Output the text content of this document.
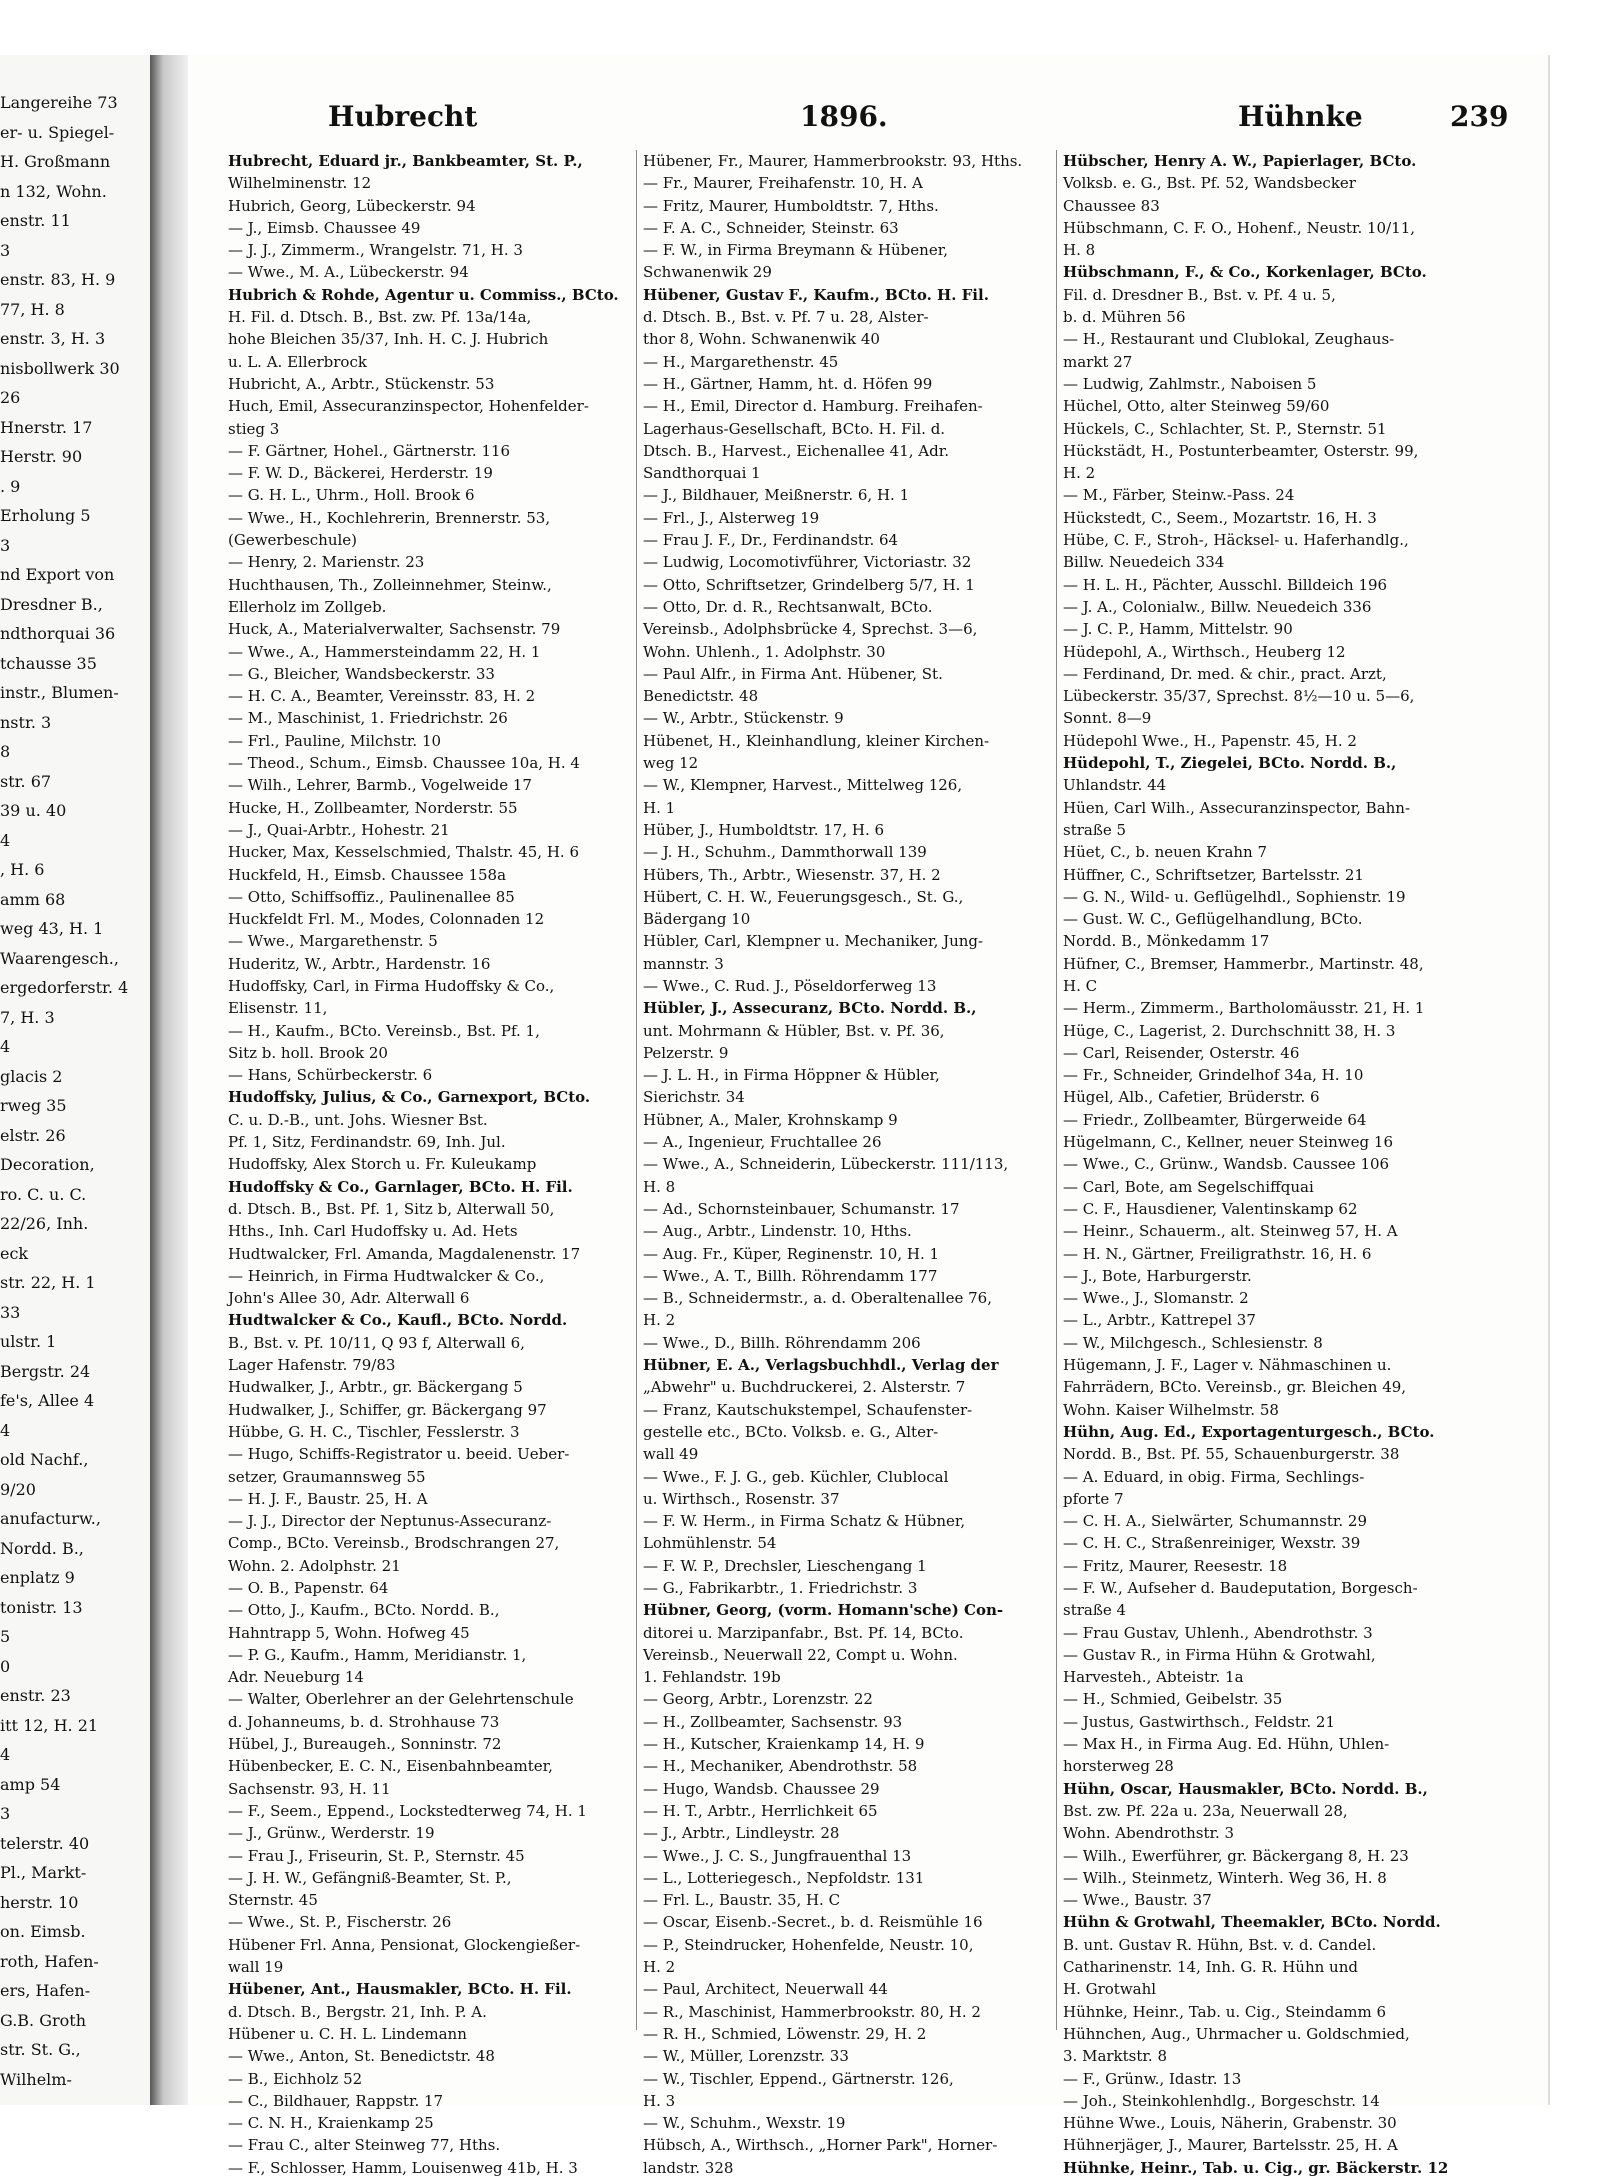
Langereihe 73
er- u. Spiegel-
H. Großmann
n 132, Wohn.
enstr. 11
3
enstr. 83, H. 9
77, H. 8
enstr. 3, H. 3
nisbollwerk 30
26
Hnerstr. 17
Herstr. 90
. 9
Erholung 5
3
nd Export von
Dresdner B.,
ndthorquai 36
tchausse 35
instr., Blumen-
nstr. 3
8
str. 67
39 u. 40
4
, H. 6
amm 68
weg 43, H. 1
Waarengesch.,
ergedorferstr. 4
7, H. 3
4
glacis 2
rweg 35
elstr. 26
Decoration,
ro. C. u. C.
22/26, Inh.
eck
str. 22, H. 1
33
ulstr. 1
Bergstr. 24
fe's, Allee 4
4
old Nachf.,
9/20
anufacturw.,
Nordd. B.,
enplatz 9
tonistr. 13
5
0
enstr. 23
itt 12, H. 21
4
amp 54
3
telerstr. 40
Pl., Markt-
herstr. 10
on. Eimsb.
roth, Hafen-
ers, Hafen-
G.B. Groth
str. St. G.,
Wilhelm-
Hubrecht	1896.	Hühnke	239
Hubrecht, Eduard jr., Bankbeamter, St. P.,
Wilhelminenstr. 12
Hubrich, Georg, Lübeckerstr. 94
— J., Eimsb. Chaussee 49
— J. J., Zimmerm., Wrangelstr. 71, H. 3
— Wwe., M. A., Lübeckerstr. 94
Hubrich & Rohde, Agentur u. Commiss., BCto.
H. Fil. d. Dtsch. B., Bst. zw. Pf. 13a/14a,
hohe Bleichen 35/37, Inh. H. C. J. Hubrich
u. L. A. Ellerbrock
Hubricht, A., Arbtr., Stückenstr. 53
Huch, Emil, Assecuranzinspector, Hohenfelder-
stieg 3
— F. Gärtner, Hohel., Gärtnerstr. 116
— F. W. D., Bäckerei, Herderstr. 19
— G. H. L., Uhrm., Holl. Brook 6
— Wwe., H., Kochlehrerin, Brennerstr. 53,
(Gewerbeschule)
— Henry, 2. Marienstr. 23
Huchthausen, Th., Zolleinnehmer, Steinw.,
Ellerholz im Zollgeb.
Huck, A., Materialverwalter, Sachsenstr. 79
— Wwe., A., Hammersteindamm 22, H. 1
— G., Bleicher, Wandsbeckerstr. 33
— H. C. A., Beamter, Vereinsstr. 83, H. 2
— M., Maschinist, 1. Friedrichstr. 26
— Frl., Pauline, Milchstr. 10
— Theod., Schum., Eimsb. Chaussee 10a, H. 4
— Wilh., Lehrer, Barmb., Vogelweide 17
Hucke, H., Zollbeamter, Norderstr. 55
— J., Quai-Arbtr., Hohestr. 21
Hucker, Max, Kesselschmied, Thalstr. 45, H. 6
Huckfeld, H., Eimsb. Chaussee 158a
— Otto, Schiffsoffiz., Paulinenallee 85
Huckfeldt Frl. M., Modes, Colonnaden 12
— Wwe., Margarethenstr. 5
Huderitz, W., Arbtr., Hardenstr. 16
Hudoffsky, Carl, in Firma Hudoffsky & Co.,
Elisenstr. 11,
— H., Kaufm., BCto. Vereinsb., Bst. Pf. 1,
Sitz b. holl. Brook 20
— Hans, Schürbeckerstr. 6
Hudoffsky, Julius, & Co., Garnexport, BCto.
C. u. D.-B., unt. Johs. Wiesner Bst.
Pf. 1, Sitz, Ferdinandstr. 69, Inh. Jul.
Hudoffsky, Alex Storch u. Fr. Kuleukamp
Hudoffsky & Co., Garnlager, BCto. H. Fil.
d. Dtsch. B., Bst. Pf. 1, Sitz b, Alterwall 50,
Hths., Inh. Carl Hudoffsky u. Ad. Hets
Hudtwalcker, Frl. Amanda, Magdalenenstr. 17
— Heinrich, in Firma Hudtwalcker & Co.,
John's Allee 30, Adr. Alterwall 6
Hudtwalcker & Co., Kaufl., BCto. Nordd.
B., Bst. v. Pf. 10/11, Q 93 f, Alterwall 6,
Lager Hafenstr. 79/83
Hudwalker, J., Arbtr., gr. Bäckergang 5
Hudwalker, J., Schiffer, gr. Bäckergang 97
Hübbe, G. H. C., Tischler, Fesslerstr. 3
— Hugo, Schiffs-Registrator u. beeid. Ueber-
setzer, Graumannsweg 55
— H. J. F., Baustr. 25, H. A
— J. J., Director der Neptunus-Assecuranz-
Comp., BCto. Vereinsb., Brodschrangen 27,
Wohn. 2. Adolphstr. 21
— O. B., Papenstr. 64
— Otto, J., Kaufm., BCto. Nordd. B.,
Hahntrapp 5, Wohn. Hofweg 45
— P. G., Kaufm., Hamm, Meridianstr. 1,
Adr. Neueburg 14
— Walter, Oberlehrer an der Gelehrtenschule
d. Johanneums, b. d. Strohhause 73
Hübel, J., Bureaugeh., Sonninstr. 72
Hübenbecker, E. C. N., Eisenbahnbeamter,
Sachsenstr. 93, H. 11
— F., Seem., Eppend., Lockstedterweg 74, H. 1
— J., Grünw., Werderstr. 19
— Frau J., Friseurin, St. P., Sternstr. 45
— J. H. W., Gefängniß-Beamter, St. P.,
Sternstr. 45
— Wwe., St. P., Fischerstr. 26
Hübener Frl. Anna, Pensionat, Glockengießer-
wall 19
Hübener, Ant., Hausmakler, BCto. H. Fil.
d. Dtsch. B., Bergstr. 21, Inh. P. A.
Hübener u. C. H. L. Lindemann
— Wwe., Anton, St. Benedictstr. 48
— B., Eichholz 52
— C., Bildhauer, Rappstr. 17
— C. N. H., Kraienkamp 25
— Frau C., alter Steinweg 77, Hths.
— F., Schlosser, Hamm, Louisenweg 41b, H. 3
Hübener, Fr., Maurer, Hammerbrookstr. 93, Hths.
— Fr., Maurer, Freihafenstr. 10, H. A
— Fritz, Maurer, Humboldtstr. 7, Hths.
— F. A. C., Schneider, Steinstr. 63
— F. W., in Firma Breymann & Hübener,
Schwanenwik 29
Hübener, Gustav F., Kaufm., BCto. H. Fil.
d. Dtsch. B., Bst. v. Pf. 7 u. 28, Alster-
thor 8, Wohn. Schwanenwik 40
— H., Margarethenstr. 45
— H., Gärtner, Hamm, ht. d. Höfen 99
— H., Emil, Director d. Hamburg. Freihafen-
Lagerhaus-Gesellschaft, BCto. H. Fil. d.
Dtsch. B., Harvest., Eichenallee 41, Adr.
Sandthorquai 1
— J., Bildhauer, Meißnerstr. 6, H. 1
— Frl., J., Alsterweg 19
— Frau J. F., Dr., Ferdinandstr. 64
— Ludwig, Locomotivführer, Victoriastr. 32
— Otto, Schriftsetzer, Grindelberg 5/7, H. 1
— Otto, Dr. d. R., Rechtsanwalt, BCto.
Vereinsb., Adolphsbrücke 4, Sprechst. 3—6,
Wohn. Uhlenh., 1. Adolphstr. 30
— Paul Alfr., in Firma Ant. Hübener, St.
Benedictstr. 48
— W., Arbtr., Stückenstr. 9
Hübenet, H., Kleinhandlung, kleiner Kirchen-
weg 12
— W., Klempner, Harvest., Mittelweg 126,
H. 1
Hüber, J., Humboldtstr. 17, H. 6
— J. H., Schuhm., Dammthorwall 139
Hübers, Th., Arbtr., Wiesenstr. 37, H. 2
Hübert, C. H. W., Feuerungsgesch., St. G.,
Bädergang 10
Hübler, Carl, Klempner u. Mechaniker, Jung-
mannstr. 3
— Wwe., C. Rud. J., Pöseldorferweg 13
Hübler, J., Assecuranz, BCto. Nordd. B.,
unt. Mohrmann & Hübler, Bst. v. Pf. 36,
Pelzerstr. 9
— J. L. H., in Firma Höppner & Hübler,
Sierichstr. 34
Hübner, A., Maler, Krohnskamp 9
— A., Ingenieur, Fruchtallee 26
— Wwe., A., Schneiderin, Lübeckerstr. 111/113,
H. 8
— Ad., Schornsteinbauer, Schumanstr. 17
— Aug., Arbtr., Lindenstr. 10, Hths.
— Aug. Fr., Küper, Reginenstr. 10, H. 1
— Wwe., A. T., Billh. Röhrendamm 177
— B., Schneidermstr., a. d. Oberaltenallee 76,
H. 2
— Wwe., D., Billh. Röhrendamm 206
Hübner, E. A., Verlagsbuchhdl., Verlag der
„Abwehr" u. Buchdruckerei, 2. Alsterstr. 7
— Franz, Kautschukstempel, Schaufenster-
gestelle etc., BCto. Volksb. e. G., Alter-
wall 49
— Wwe., F. J. G., geb. Küchler, Clublocal
u. Wirthsch., Rosenstr. 37
— F. W. Herm., in Firma Schatz & Hübner,
Lohmühlenstr. 54
— F. W. P., Drechsler, Lieschengang 1
— G., Fabrikarbtr., 1. Friedrichstr. 3
Hübner, Georg, (vorm. Homann'sche) Con-
ditorei u. Marzipanfabr., Bst. Pf. 14, BCto.
Vereinsb., Neuerwall 22, Compt u. Wohn.
1. Fehlandstr. 19b
— Georg, Arbtr., Lorenzstr. 22
— H., Zollbeamter, Sachsenstr. 93
— H., Kutscher, Kraienkamp 14, H. 9
— H., Mechaniker, Abendrothstr. 58
— Hugo, Wandsb. Chaussee 29
— H. T., Arbtr., Herrlichkeit 65
— J., Arbtr., Lindleystr. 28
— Wwe., J. C. S., Jungfrauenthal 13
— L., Lotteriegesch., Nepfoldstr. 131
— Frl. L., Baustr. 35, H. C
— Oscar, Eisenb.-Secret., b. d. Reismühle 16
— P., Steindrucker, Hohenfelde, Neustr. 10,
H. 2
— Paul, Architect, Neuerwall 44
— R., Maschinist, Hammerbrookstr. 80, H. 2
— R. H., Schmied, Löwenstr. 29, H. 2
— W., Müller, Lorenzstr. 33
— W., Tischler, Eppend., Gärtnerstr. 126,
H. 3
— W., Schuhm., Wexstr. 19
Hübsch, A., Wirthsch., „Horner Park", Horner-
landstr. 328
Hübscher, Henry A. W., Papierlager, BCto.
Volksb. e. G., Bst. Pf. 52, Wandsbecker
Chaussee 83
Hübschmann, C. F. O., Hohenf., Neustr. 10/11,
H. 8
Hübschmann, F., & Co., Korkenlager, BCto.
Fil. d. Dresdner B., Bst. v. Pf. 4 u. 5,
b. d. Mühren 56
— H., Restaurant und Clublokal, Zeughaus-
markt 27
— Ludwig, Zahlmstr., Naboisen 5
Hüchel, Otto, alter Steinweg 59/60
Hückels, C., Schlachter, St. P., Sternstr. 51
Hückstädt, H., Postunterbeamter, Osterstr. 99,
H. 2
— M., Färber, Steinw.-Pass. 24
Hückstedt, C., Seem., Mozartstr. 16, H. 3
Hübe, C. F., Stroh-, Häcksel- u. Haferhandlg.,
Billw. Neuedeich 334
— H. L. H., Pächter, Ausschl. Billdeich 196
— J. A., Colonialw., Billw. Neuedeich 336
— J. C. P., Hamm, Mittelstr. 90
Hüdepohl, A., Wirthsch., Heuberg 12
— Ferdinand, Dr. med. & chir., pract. Arzt,
Lübeckerstr. 35/37, Sprechst. 8½—10 u. 5—6,
Sonnt. 8—9
Hüdepohl Wwe., H., Papenstr. 45, H. 2
Hüdepohl, T., Ziegelei, BCto. Nordd. B.,
Uhlandstr. 44
Hüen, Carl Wilh., Assecuranzinspector, Bahn-
straße 5
Hüet, C., b. neuen Krahn 7
Hüffner, C., Schriftsetzer, Bartelsstr. 21
— G. N., Wild- u. Geflügelhdl., Sophienstr. 19
— Gust. W. C., Geflügelhandlung, BCto.
Nordd. B., Mönkedamm 17
Hüfner, C., Bremser, Hammerbr., Martinstr. 48,
H. C
— Herm., Zimmerm., Bartholomäusstr. 21, H. 1
Hüge, C., Lagerist, 2. Durchschnitt 38, H. 3
— Carl, Reisender, Osterstr. 46
— Fr., Schneider, Grindelhof 34a, H. 10
Hügel, Alb., Cafetier, Brüderstr. 6
— Friedr., Zollbeamter, Bürgerweide 64
Hügelmann, C., Kellner, neuer Steinweg 16
— Wwe., C., Grünw., Wandsb. Caussee 106
— Carl, Bote, am Segelschiffquai
— C. F., Hausdiener, Valentinskamp 62
— Heinr., Schauerm., alt. Steinweg 57, H. A
— H. N., Gärtner, Freiligrathstr. 16, H. 6
— J., Bote, Harburgerstr.
— Wwe., J., Slomanstr. 2
— L., Arbtr., Kattrepel 37
— W., Milchgesch., Schlesienstr. 8
Hügemann, J. F., Lager v. Nähmaschinen u.
Fahrrädern, BCto. Vereinsb., gr. Bleichen 49,
Wohn. Kaiser Wilhelmstr. 58
Hühn, Aug. Ed., Exportagenturgesch., BCto.
Nordd. B., Bst. Pf. 55, Schauenburgerstr. 38
— A. Eduard, in obig. Firma, Sechlings-
pforte 7
— C. H. A., Sielwärter, Schumannstr. 29
— C. H. C., Straßenreiniger, Wexstr. 39
— Fritz, Maurer, Reesestr. 18
— F. W., Aufseher d. Baudeputation, Borgesch-
straße 4
— Frau Gustav, Uhlenh., Abendrothstr. 3
— Gustav R., in Firma Hühn & Grotwahl,
Harvesteh., Abteistr. 1a
— H., Schmied, Geibelstr. 35
— Justus, Gastwirthsch., Feldstr. 21
— Max H., in Firma Aug. Ed. Hühn, Uhlen-
horsterweg 28
Hühn, Oscar, Hausmakler, BCto. Nordd. B.,
Bst. zw. Pf. 22a u. 23a, Neuerwall 28,
Wohn. Abendrothstr. 3
— Wilh., Ewerführer, gr. Bäckergang 8, H. 23
— Wilh., Steinmetz, Winterh. Weg 36, H. 8
— Wwe., Baustr. 37
Hühn & Grotwahl, Theemakler, BCto. Nordd.
B. unt. Gustav R. Hühn, Bst. v. d. Candel.
Catharinenstr. 14, Inh. G. R. Hühn und
H. Grotwahl
Hühnke, Heinr., Tab. u. Cig., Steindamm 6
Hühnchen, Aug., Uhrmacher u. Goldschmied,
3. Marktstr. 8
— F., Grünw., Idastr. 13
— Joh., Steinkohlenhdlg., Borgeschstr. 14
Hühne Wwe., Louis, Näherin, Grabenstr. 30
Hühnerjäger, J., Maurer, Bartelsstr. 25, H. A
Hühnke, Heinr., Tab. u. Cig., gr. Bäckerstr. 12
